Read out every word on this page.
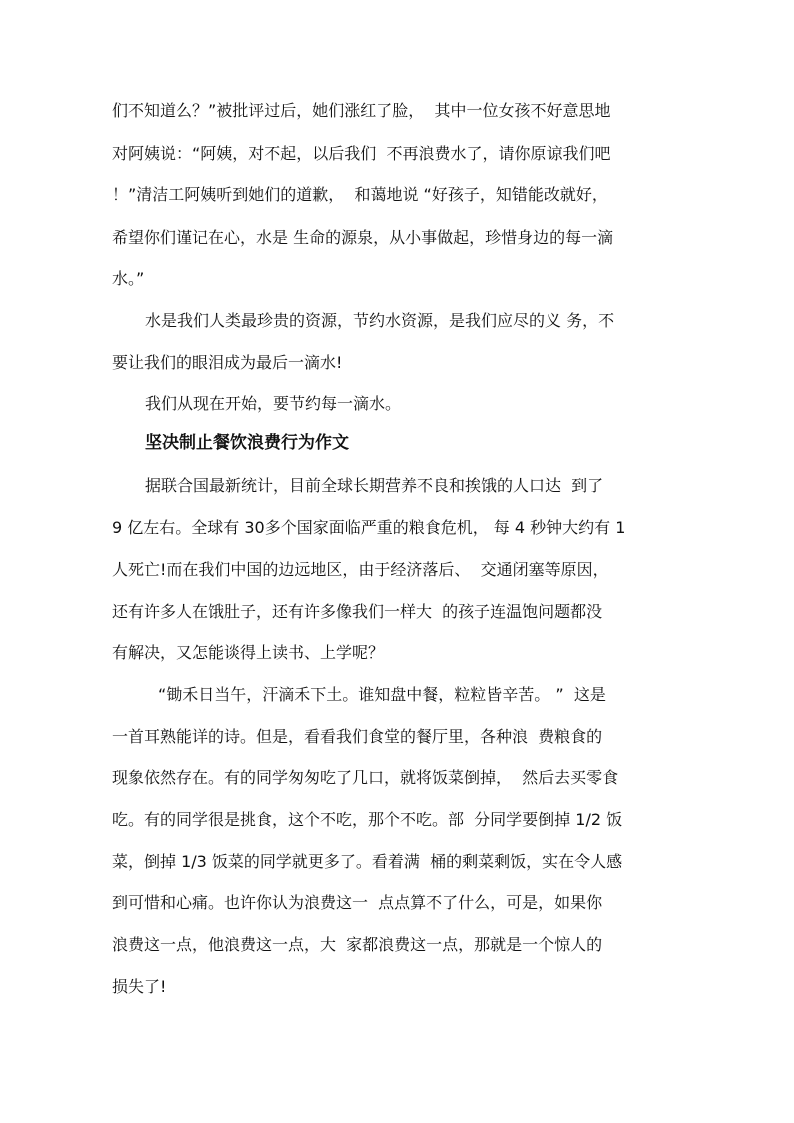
们不知道么？”被批评过后，她们涨红了脸，  其中一位女孩不好意思地
对阿姨说：“阿姨，对不起，以后我们  不再浪费水了，请你原谅我们吧
！”清洁工阿姨听到她们的道歉，  和蔼地说 “好孩子，知错能改就好，
希望你们谨记在心，水是 生命的源泉，从小事做起，珍惜身边的每一滴
水。”
水是我们人类最珍贵的资源，节约水资源，是我们应尽的义 务，不
要让我们的眼泪成为最后一滴水!
我们从现在开始，要节约每一滴水。
坚决制止餐饮浪费行为作文
据联合国最新统计，目前全球长期营养不良和挨饿的人口达  到了
9 亿左右。全球有 30多个国家面临严重的粮食危机， 每 4 秒钟大约有 1
人死亡!而在我们中国的边远地区，由于经济落后、  交通闭塞等原因，
还有许多人在饿肚子，还有许多像我们一样大  的孩子连温饱问题都没
有解决，又怎能谈得上读书、上学呢？
“锄禾日当午，汗滴禾下土。谁知盘中餐，粒粒皆辛苦。 ”  这是
一首耳熟能详的诗。但是，看看我们食堂的餐厅里，各种浪  费粮食的
现象依然存在。有的同学匆匆吃了几口，就将饭菜倒掉，  然后去买零食
吃。有的同学很是挑食，这个不吃，那个不吃。部  分同学要倒掉 1/2 饭
菜，倒掉 1/3 饭菜的同学就更多了。看着满  桶的剩菜剩饭，实在令人感
到可惜和心痛。也许你认为浪费这一  点点算不了什么，可是，如果你
浪费这一点，他浪费这一点，大  家都浪费这一点，那就是一个惊人的
损失了!
